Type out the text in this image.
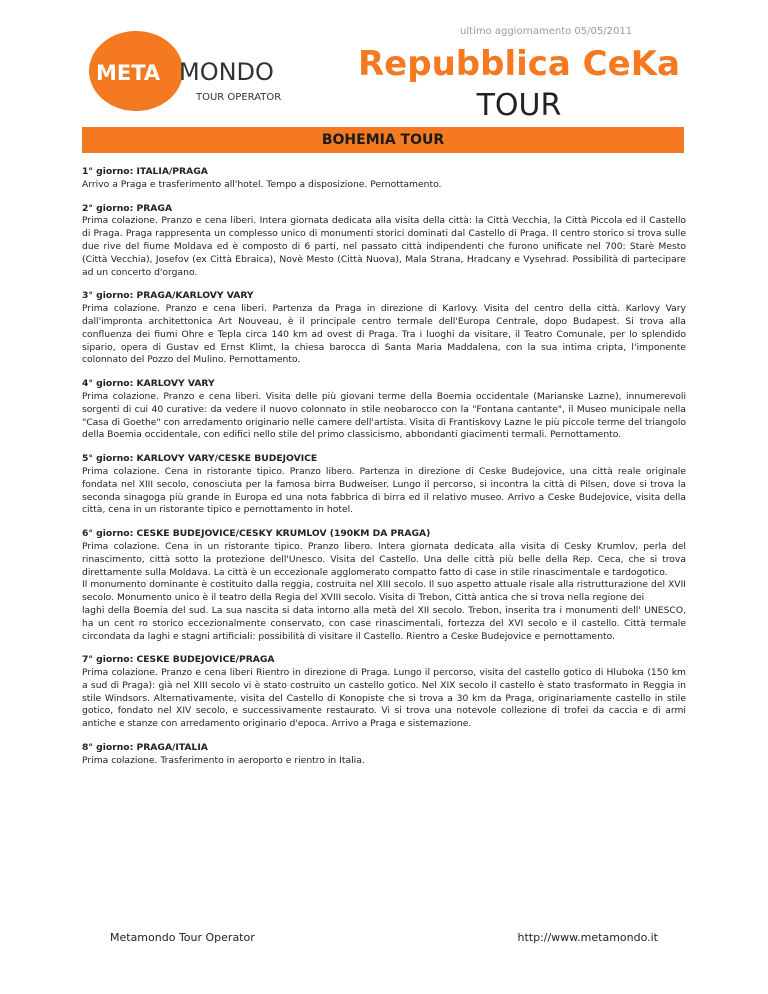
META MONDO
TOUR OPERATOR
ultimo aggiornamento 05/05/2011
Repubblica CeKa
TOUR
BOHEMIA TOUR
1° giorno: ITALIA/PRAGA
Arrivo a Praga e trasferimento all'hotel. Tempo a disposizione. Pernottamento.
2° giorno: PRAGA
Prima colazione. Pranzo e cena liberi. Intera giornata dedicata alla visita della città: la Città Vecchia, la Città Piccola ed il Castello di Praga. Praga rappresenta un complesso unico di monumenti storici dominati dal Castello di Praga. Il centro storico si trova sulle due rive del fiume Moldava ed è composto di 6 parti, nel passato città indipendenti che furono unificate nel 700: Starè Mesto (Città Vecchia), Josefov (ex Città Ebraica), Novè Mesto (Città Nuova), Mala Strana, Hradcany e Vysehrad. Possibilità di partecipare ad un concerto d'organo.
3° giorno: PRAGA/KARLOVY VARY
Prima colazione. Pranzo e cena liberi. Partenza da Praga in direzione di Karlovy. Visita del centro della città. Karlovy Vary dall'impronta architettonica Art Nouveau, è il principale centro termale dell'Europa Centrale, dopo Budapest. Si trova alla confluenza dei fiumi Ohre e Tepla circa 140 km ad ovest di Praga. Tra i luoghi da visitare, il Teatro Comunale, per lo splendido sipario, opera di Gustav ed Ernst Klimt, la chiesa barocca di Santa Maria Maddalena, con la sua intima cripta, l'imponente colonnato del Pozzo del Mulino. Pernottamento.
4° giorno: KARLOVY VARY
Prima colazione. Pranzo e cena liberi. Visita delle più giovani terme della Boemia occidentale (Marianske Lazne), innumerevoli sorgenti di cui 40 curative: da vedere il nuovo colonnato in stile neobarocco con la "Fontana cantante", il Museo municipale nella "Casa di Goethe" con arredamento originario nelle camere dell'artista. Visita di Frantiskovy Lazne le più piccole terme del triangolo della Boemia occidentale, con edifici nello stile del primo classicismo, abbondanti giacimenti termali. Pernottamento.
5° giorno: KARLOVY VARY/CESKE BUDEJOVICE
Prima colazione. Cena in ristorante tipico. Pranzo libero. Partenza in direzione di Ceske Budejovice, una città reale originale fondata nel XIII secolo, conosciuta per la famosa birra Budweiser. Lungo il percorso, si incontra la città di Pilsen, dove si trova la seconda sinagoga più grande in Europa ed una nota fabbrica di birra ed il relativo museo. Arrivo a Ceske Budejovice, visita della città, cena in un ristorante tipico e pernottamento in hotel.
6° giorno: CESKE BUDEJOVICE/CESKY KRUMLOV (190KM DA PRAGA)
Prima colazione. Cena in un ristorante tipico. Pranzo libero. Intera giornata dedicata alla visita di Cesky Krumlov, perla del rinascimento, città sotto la protezione dell'Unesco. Visita del Castello. Una delle città più belle della Rep. Ceca, che si trova direttamente sulla Moldava. La città è un eccezionale agglomerato compatto fatto di case in stile rinascimentale e tardogotico.
Il monumento dominante è costituito dalla reggia, costruita nel XIII secolo. Il suo aspetto attuale risale alla ristrutturazione del XVII secolo. Monumento unico è il teatro della Regia del XVIII secolo. Visita di Trebon, Città antica che si trova nella regione dei
laghi della Boemia del sud. La sua nascita si data intorno alla metà del XII secolo. Trebon, inserita tra i monumenti dell' UNESCO, ha un cent ro storico eccezionalmente conservato, con case rinascimentali, fortezza del XVI secolo e il castello. Città termale circondata da laghi e stagni artificiali: possibilità di visitare il Castello. Rientro a Ceske Budejovice e pernottamento.
7° giorno: CESKE BUDEJOVICE/PRAGA
Prima colazione. Pranzo e cena liberi Rientro in direzione di Praga. Lungo il percorso, visita del castello gotico di Hluboka (150 km a sud di Praga): già nel XIII secolo vi è stato costruito un castello gotico. Nel XIX secolo il castello è stato trasformato in Reggia in stile Windsors. Alternativamente, visita del Castello di Konopiste che si trova a 30 km da Praga, originariamente castello in stile gotico, fondato nel XIV secolo, e successivamente restaurato. Vi si trova una notevole collezione di trofei da caccia e di armi antiche e stanze con arredamento originario d'epoca. Arrivo a Praga e sistemazione.
8° giorno: PRAGA/ITALIA
Prima colazione. Trasferimento in aeroporto e rientro in Italia.
Metamondo Tour Operator	http://www.metamondo.it
